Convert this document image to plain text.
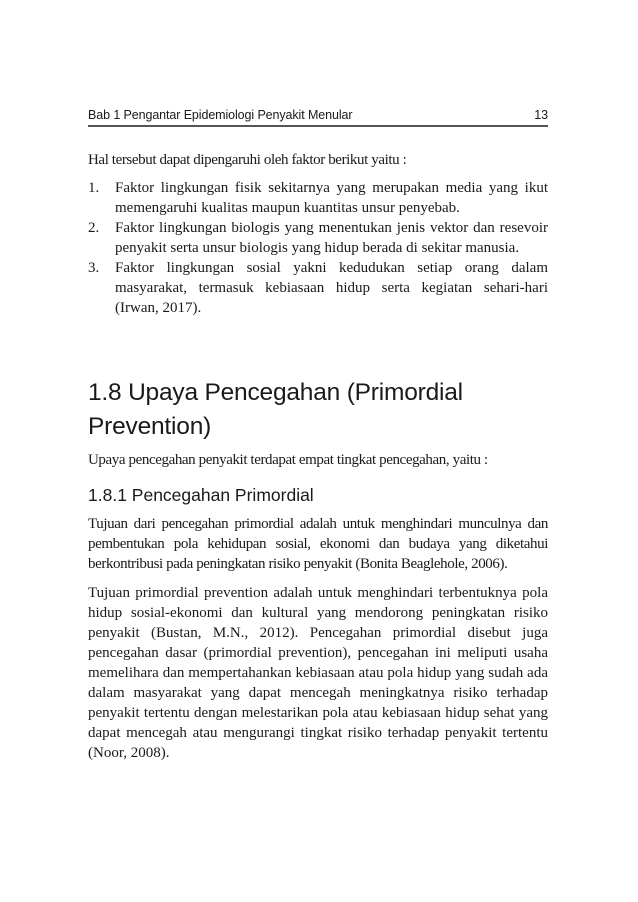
Bab 1 Pengantar Epidemiologi Penyakit Menular	13

Hal tersebut dapat dipengaruhi oleh faktor berikut yaitu :

1. Faktor lingkungan fisik sekitarnya yang merupakan media yang ikut memengaruhi kualitas maupun kuantitas unsur penyebab.
2. Faktor lingkungan biologis yang menentukan jenis vektor dan resevoir penyakit serta unsur biologis yang hidup berada di sekitar manusia.
3. Faktor lingkungan sosial yakni kedudukan setiap orang dalam masyarakat, termasuk kebiasaan hidup serta kegiatan sehari-hari (Irwan, 2017).
1.8 Upaya Pencegahan (Primordial Prevention)

Upaya pencegahan penyakit terdapat empat tingkat pencegahan, yaitu :

1.8.1 Pencegahan Primordial

Tujuan dari pencegahan primordial adalah untuk menghindari munculnya dan pembentukan pola kehidupan sosial, ekonomi dan budaya yang diketahui berkontribusi pada peningkatan risiko penyakit (Bonita Beaglehole, 2006).

Tujuan primordial prevention adalah untuk menghindari terbentuknya pola hidup sosial-ekonomi dan kultural yang mendorong peningkatan risiko penyakit (Bustan, M.N., 2012). Pencegahan primordial disebut juga pencegahan dasar (primordial prevention), pencegahan ini meliputi usaha memelihara dan mempertahankan kebiasaan atau pola hidup yang sudah ada dalam masyarakat yang dapat mencegah meningkatnya risiko terhadap penyakit tertentu dengan melestarikan pola atau kebiasaan hidup sehat yang dapat mencegah atau mengurangi tingkat risiko terhadap penyakit tertentu (Noor, 2008).
